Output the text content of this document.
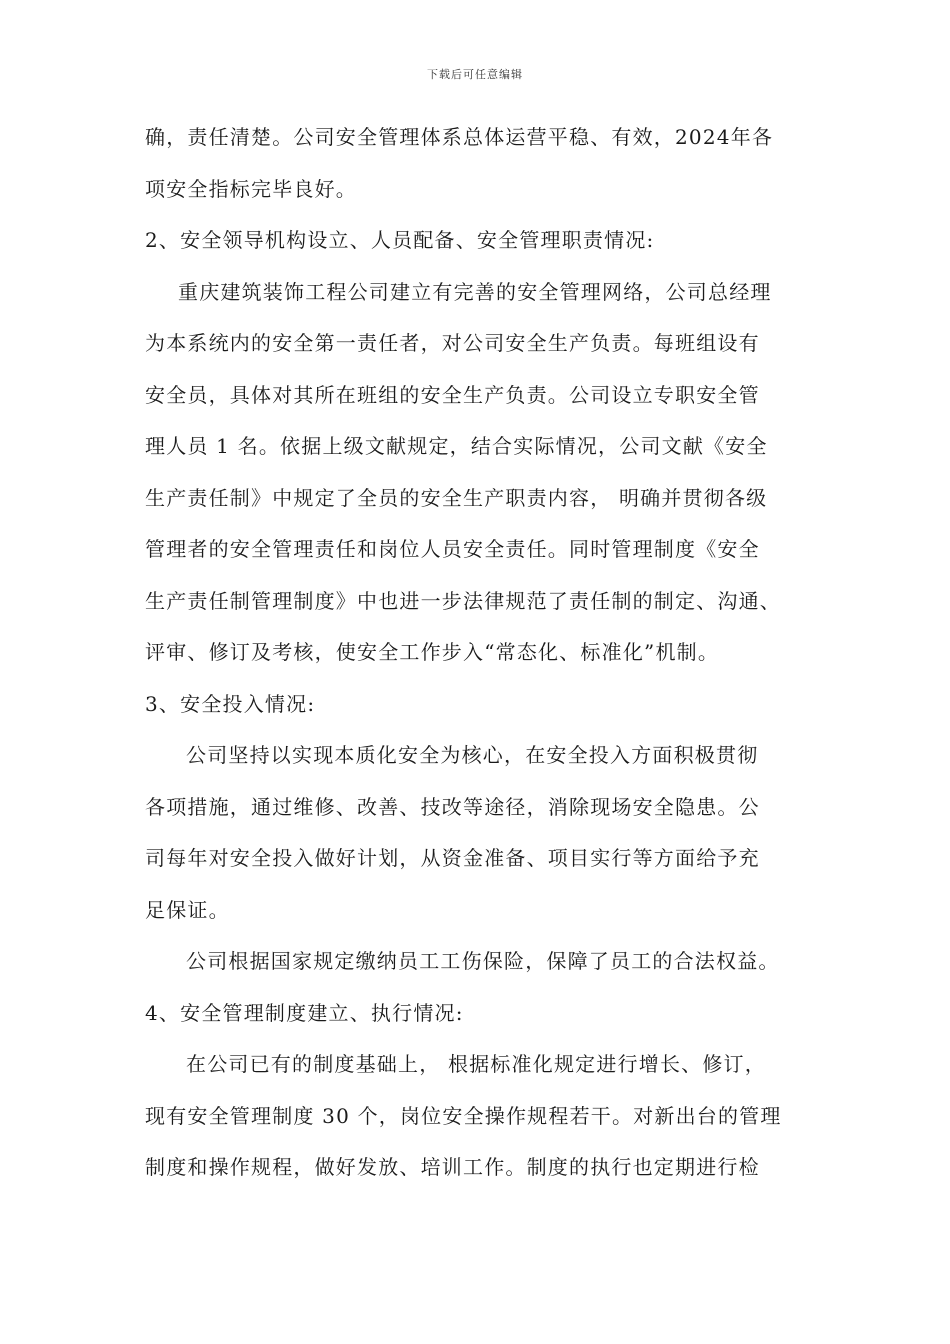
下载后可任意编辑
确，责任清楚。公司安全管理体系总体运营平稳、有效，2024年各
项安全指标完毕良好。
2、安全领导机构设立、人员配备、安全管理职责情况:
重庆建筑装饰工程公司建立有完善的安全管理网络，公司总经理
为本系统内的安全第一责任者，对公司安全生产负责。每班组设有
安全员，具体对其所在班组的安全生产负责。公司设立专职安全管
理人员 1 名。依据上级文献规定，结合实际情况，公司文献《安全
生产责任制》中规定了全员的安全生产职责内容， 明确并贯彻各级
管理者的安全管理责任和岗位人员安全责任。同时管理制度《安全
生产责任制管理制度》中也进一步法律规范了责任制的制定、沟通、
评审、修订及考核，使安全工作步入“常态化、标准化”机制。
3、安全投入情况:
公司坚持以实现本质化安全为核心，在安全投入方面积极贯彻
各项措施，通过维修、改善、技改等途径，消除现场安全隐患。公
司每年对安全投入做好计划，从资金准备、项目实行等方面给予充
足保证。
公司根据国家规定缴纳员工工伤保险，保障了员工的合法权益。
4、安全管理制度建立、执行情况:
在公司已有的制度基础上， 根据标准化规定进行增长、修订，
现有安全管理制度 30 个，岗位安全操作规程若干。对新出台的管理
制度和操作规程，做好发放、培训工作。制度的执行也定期进行检
